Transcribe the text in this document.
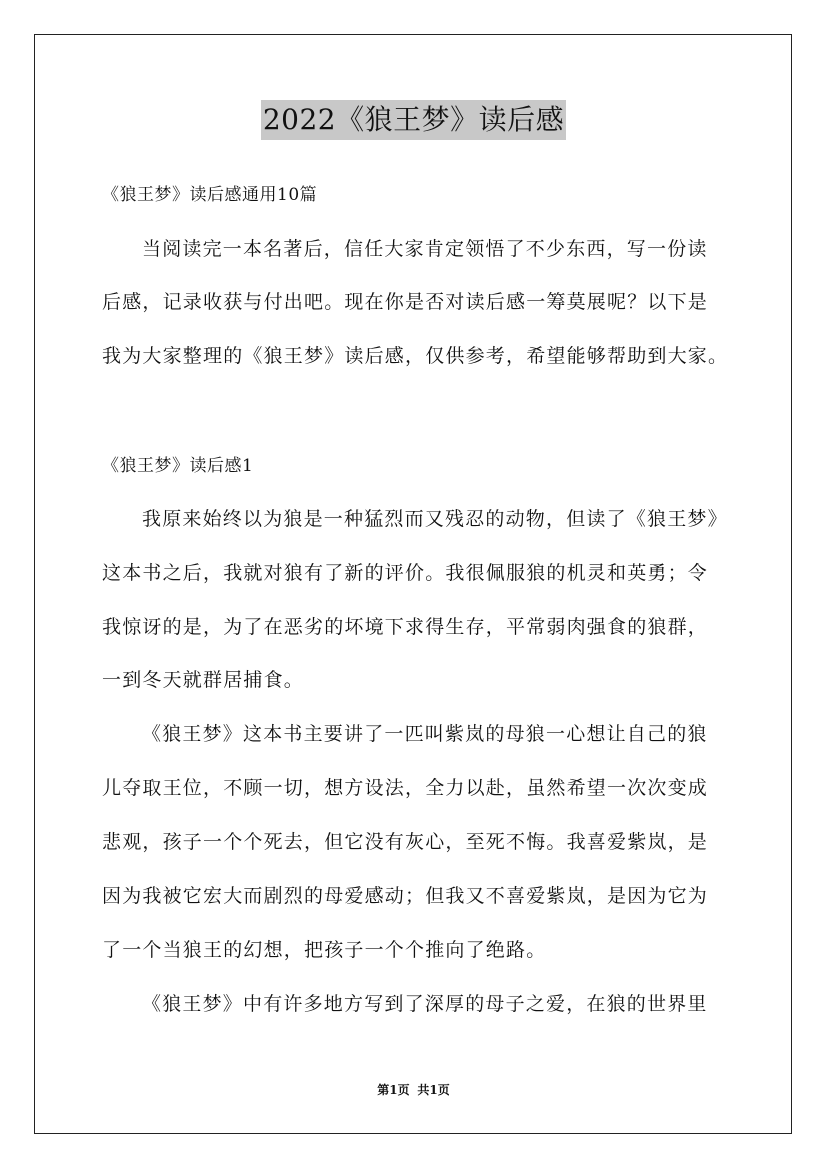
2022《狼王梦》读后感
《狼王梦》读后感通用10篇
当阅读完一本名著后，信任大家肯定领悟了不少东西，写一份读
后感，记录收获与付出吧。现在你是否对读后感一筹莫展呢？以下是
我为大家整理的《狼王梦》读后感，仅供参考，希望能够帮助到大家。
《狼王梦》读后感1
我原来始终以为狼是一种猛烈而又残忍的动物，但读了《狼王梦》
这本书之后，我就对狼有了新的评价。我很佩服狼的机灵和英勇；令
我惊讶的是，为了在恶劣的坏境下求得生存，平常弱肉强食的狼群，
一到冬天就群居捕食。
《狼王梦》这本书主要讲了一匹叫紫岚的母狼一心想让自己的狼
儿夺取王位，不顾一切，想方设法，全力以赴，虽然希望一次次变成
悲观，孩子一个个死去，但它没有灰心，至死不悔。我喜爱紫岚，是
因为我被它宏大而剧烈的母爱感动；但我又不喜爱紫岚，是因为它为
了一个当狼王的幻想，把孩子一个个推向了绝路。
《狼王梦》中有许多地方写到了深厚的母子之爱，在狼的世界里
第1页 共1页
